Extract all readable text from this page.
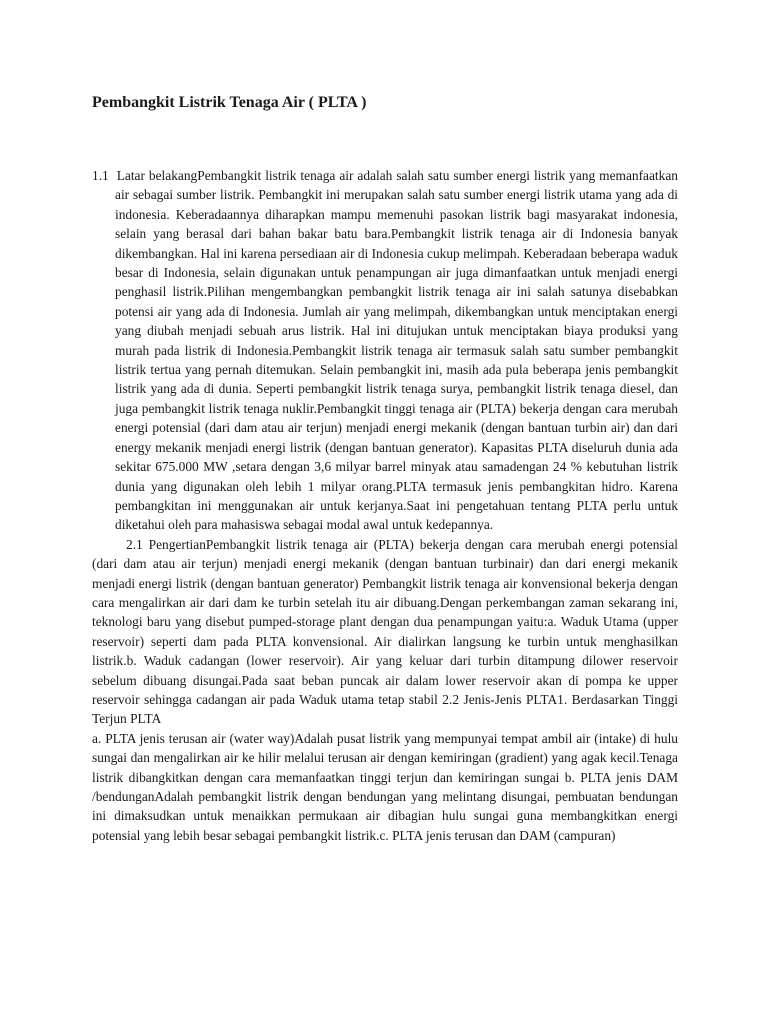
Pembangkit Listrik Tenaga Air ( PLTA )

1.1 Latar belakangPembangkit listrik tenaga air adalah salah satu sumber energi listrik yang memanfaatkan air sebagai sumber listrik. Pembangkit ini merupakan salah satu sumber energi listrik utama yang ada di indonesia. Keberadaannya diharapkan mampu memenuhi pasokan listrik bagi masyarakat indonesia, selain yang berasal dari bahan bakar batu bara.Pembangkit listrik tenaga air di Indonesia banyak dikembangkan. Hal ini karena persediaan air di Indonesia cukup melimpah. Keberadaan beberapa waduk besar di Indonesia, selain digunakan untuk penampungan air juga dimanfaatkan untuk menjadi energi penghasil listrik.Pilihan mengembangkan pembangkit listrik tenaga air ini salah satunya disebabkan potensi air yang ada di Indonesia. Jumlah air yang melimpah, dikembangkan untuk menciptakan energi yang diubah menjadi sebuah arus listrik. Hal ini ditujukan untuk menciptakan biaya produksi yang murah pada listrik di Indonesia.Pembangkit listrik tenaga air termasuk salah satu sumber pembangkit listrik tertua yang pernah ditemukan. Selain pembangkit ini, masih ada pula beberapa jenis pembangkit listrik yang ada di dunia. Seperti pembangkit listrik tenaga surya, pembangkit listrik tenaga diesel, dan juga pembangkit listrik tenaga nuklir.Pembangkit tinggi tenaga air (PLTA) bekerja dengan cara merubah energi potensial (dari dam atau air terjun) menjadi energi mekanik (dengan bantuan turbin air) dan dari energy mekanik menjadi energi listrik (dengan bantuan generator). Kapasitas PLTA diseluruh dunia ada sekitar 675.000 MW ,setara dengan 3,6 milyar barrel minyak atau samadengan 24 % kebutuhan listrik dunia yang digunakan oleh lebih 1 milyar orang.PLTA termasuk jenis pembangkitan hidro. Karena pembangkitan ini menggunakan air untuk kerjanya.Saat ini pengetahuan tentang PLTA perlu untuk diketahui oleh para mahasiswa sebagai modal awal untuk kedepannya.

2.1 PengertianPembangkit listrik tenaga air (PLTA) bekerja dengan cara merubah energi potensial (dari dam atau air terjun) menjadi energi mekanik (dengan bantuan turbinair) dan dari energi mekanik menjadi energi listrik (dengan bantuan generator) Pembangkit listrik tenaga air konvensional bekerja dengan cara mengalirkan air dari dam ke turbin setelah itu air dibuang.Dengan perkembangan zaman sekarang ini, teknologi baru yang disebut pumped-storage plant dengan dua penampungan yaitu:a. Waduk Utama (upper reservoir) seperti dam pada PLTA konvensional. Air dialirkan langsung ke turbin untuk menghasilkan listrik.b. Waduk cadangan (lower reservoir). Air yang keluar dari turbin ditampung dilower reservoir sebelum dibuang disungai.Pada saat beban puncak air dalam lower reservoir akan di pompa ke upper reservoir sehingga cadangan air pada Waduk utama tetap stabil 2.2 Jenis-Jenis PLTA1. Berdasarkan Tinggi Terjun PLTA

a. PLTA jenis terusan air (water way)Adalah pusat listrik yang mempunyai tempat ambil air (intake) di hulu sungai dan mengalirkan air ke hilir melalui terusan air dengan kemiringan (gradient) yang agak kecil.Tenaga listrik dibangkitkan dengan cara memanfaatkan tinggi terjun dan kemiringan sungai b. PLTA jenis DAM /bendunganAdalah pembangkit listrik dengan bendungan yang melintang disungai, pembuatan bendungan ini dimaksudkan untuk menaikkan permukaan air dibagian hulu sungai guna membangkitkan energi potensial yang lebih besar sebagai pembangkit listrik.c. PLTA jenis terusan dan DAM (campuran)
